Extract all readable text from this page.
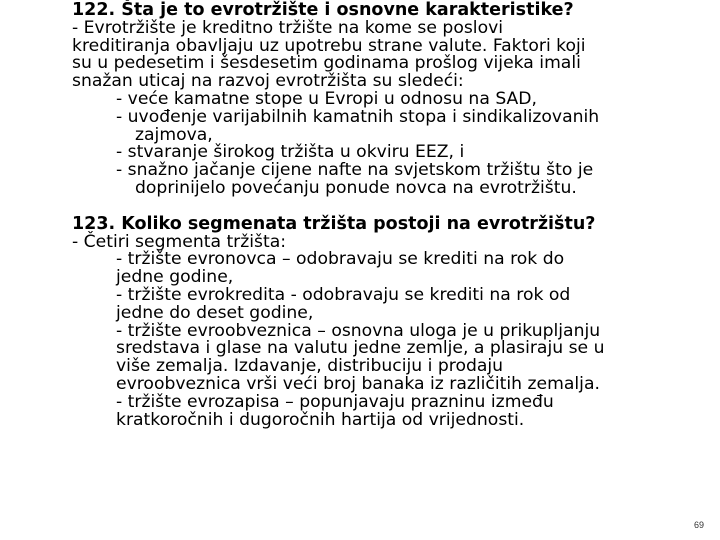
122. Šta je to evrotržište i osnovne karakteristike?
- Evrotržište je kreditno tržište na kome se poslovi
kreditiranja obavljaju uz upotrebu strane valute. Faktori koji
su u pedesetim i šesdesetim godinama prošlog vijeka imali
snažan uticaj na razvoj evrotržišta su sledeći:
- veće kamatne stope u Evropi u odnosu na SAD,
- uvođenje varijabilnih kamatnih stopa i sindikalizovanih
zajmova,
- stvaranje širokog tržišta u okviru EEZ, i
- snažno jačanje cijene nafte na svjetskom tržištu što je
doprinijelo povećanju ponude novca na evrotržištu.
123. Koliko segmenata tržišta postoji na evrotržištu?
- Četiri segmenta tržišta:
- tržište evronovca – odobravaju se krediti na rok do
jedne godine,
- tržište evrokredita - odobravaju se krediti na rok od
jedne do deset godine,
- tržište evroobveznica – osnovna uloga je u prikupljanju
sredstava i glase na valutu jedne zemlje, a plasiraju se u
više zemalja. Izdavanje, distribuciju i prodaju
evroobveznica vrši veći broj banaka iz različitih zemalja.
- tržište evrozapisa – popunjavaju prazninu između
kratkoročnih i dugoročnih hartija od vrijednosti.
69
